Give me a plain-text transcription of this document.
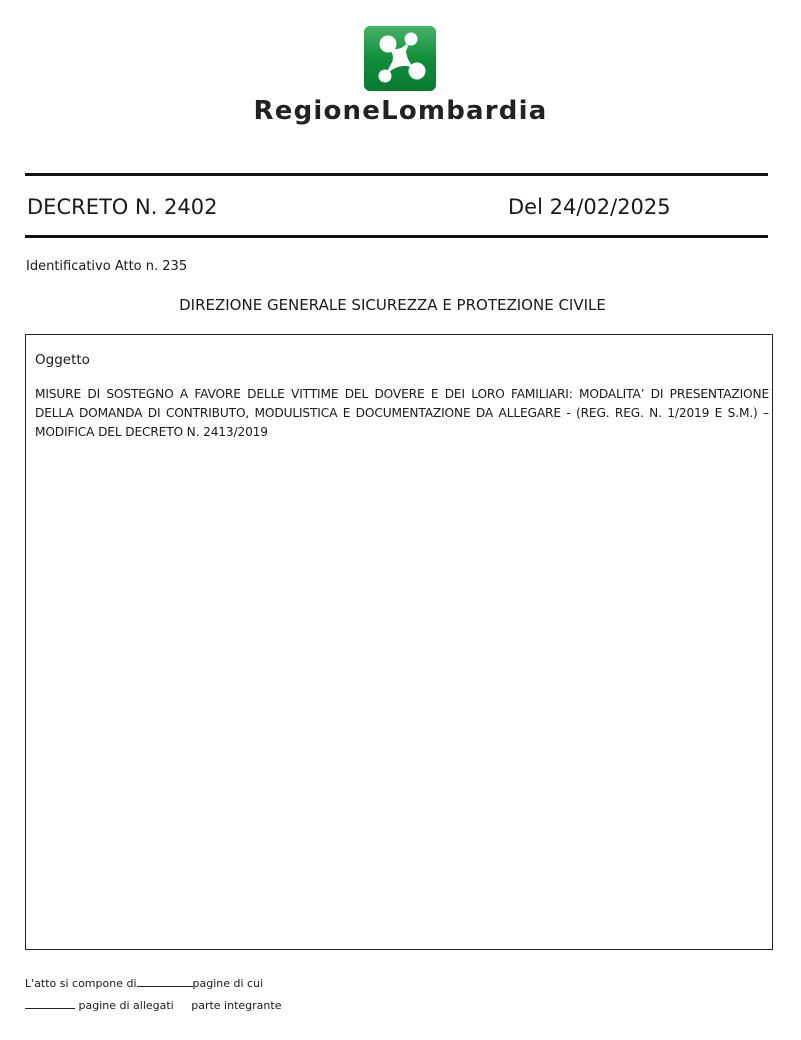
RegioneLombardia
DECRETO N. 2402	Del 24/02/2025
Identificativo Atto n. 235
DIREZIONE GENERALE SICUREZZA E PROTEZIONE CIVILE
Oggetto
MISURE DI SOSTEGNO A FAVORE DELLE VITTIME DEL DOVERE E DEI LORO FAMILIARI: MODALITA’ DI PRESENTAZIONE DELLA DOMANDA DI CONTRIBUTO, MODULISTICA E DOCUMENTAZIONE DA ALLEGARE - (REG. REG. N. 1/2019 E S.M.) – MODIFICA DEL DECRETO N. 2413/2019
L'atto si compone di	pagine di cui
pagine di allegati parte integrante
